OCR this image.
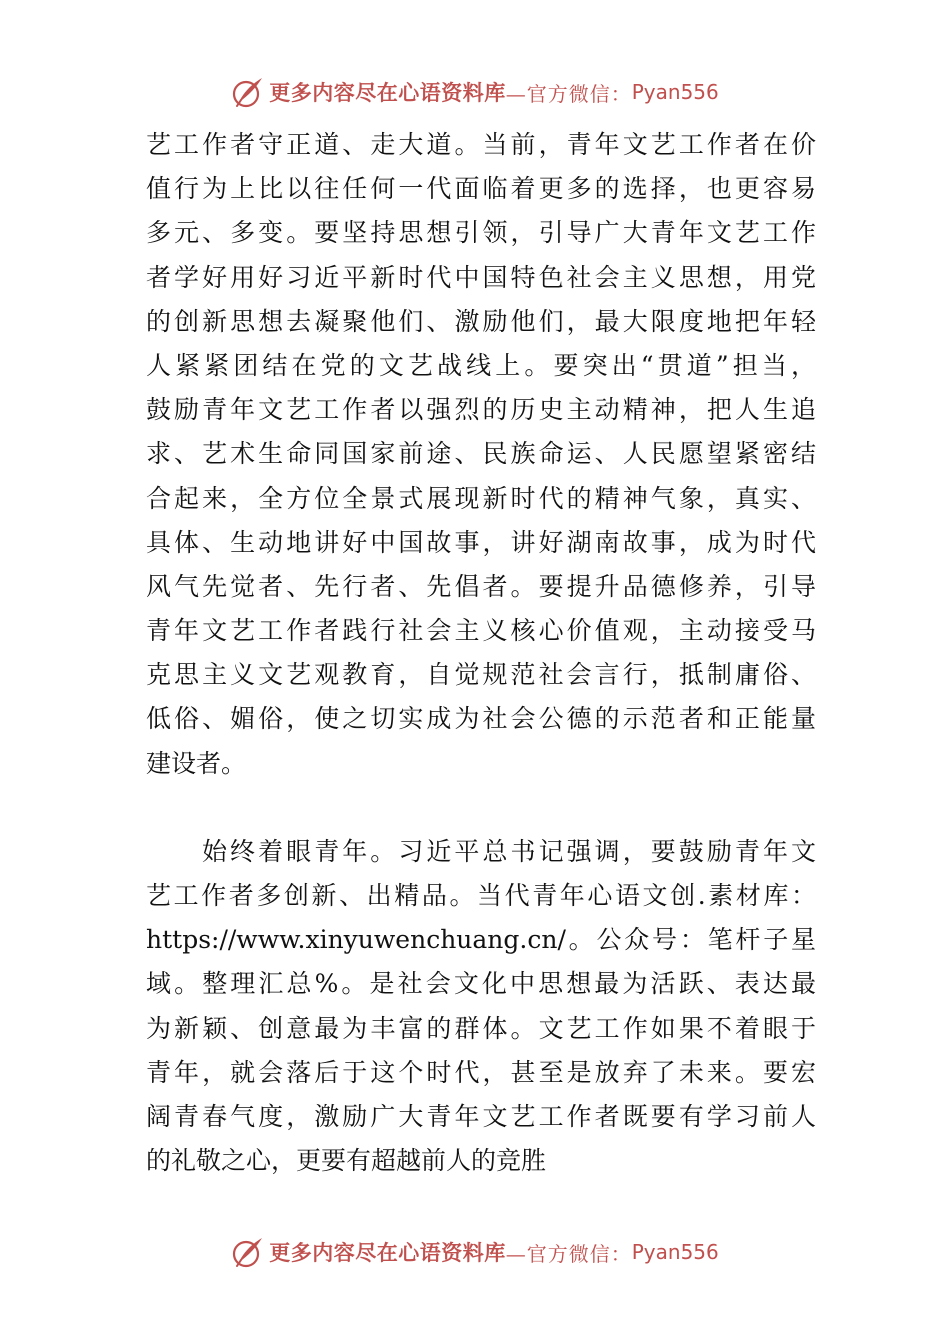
更多内容尽在心语资料库 —官方微信： Pyan556
艺工作者守正道、走大道。当前，青年文艺工作者在价
值行为上比以往任何一代面临着更多的选择，也更容易
多元、多变。要坚持思想引领，引导广大青年文艺工作
者学好用好习近平新时代中国特色社会主义思想，用党
的创新思想去凝聚他们、激励他们，最大限度地把年轻
人紧紧团结在党的文艺战线上。要突出“贯道”担当，
鼓励青年文艺工作者以强烈的历史主动精神，把人生追
求、艺术生命同国家前途、民族命运、人民愿望紧密结
合起来，全方位全景式展现新时代的精神气象，真实、
具体、生动地讲好中国故事，讲好湖南故事，成为时代
风气先觉者、先行者、先倡者。要提升品德修养，引导
青年文艺工作者践行社会主义核心价值观，主动接受马
克思主义文艺观教育，自觉规范社会言行，抵制庸俗、
低俗、媚俗，使之切实成为社会公德的示范者和正能量
建设者。
始终着眼青年。习近平总书记强调，要鼓励青年文
艺工作者多创新、出精品。当代青年心语文创.素材库：
https://www.xinyuwenchuang.cn/。公众号：笔杆子星
域。整理汇总%。是社会文化中思想最为活跃、表达最
为新颖、创意最为丰富的群体。文艺工作如果不着眼于
青年，就会落后于这个时代，甚至是放弃了未来。要宏
阔青春气度，激励广大青年文艺工作者既要有学习前人
的礼敬之心，更要有超越前人的竞胜
更多内容尽在心语资料库 —官方微信： Pyan556
